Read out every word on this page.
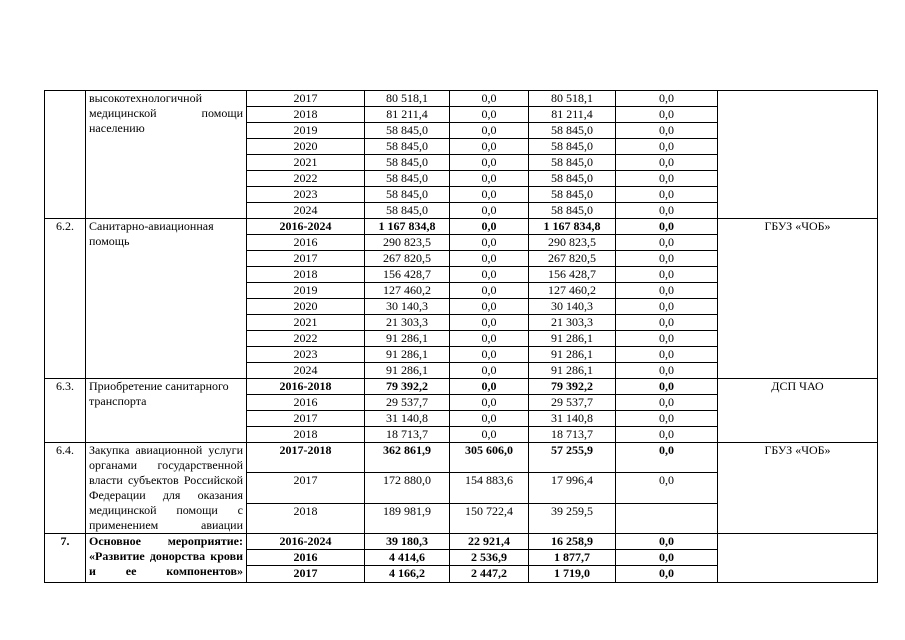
	высокотехнологичной медицинской помощи населению	2017	80 518,1	0,0	80 518,1	0,0	
		2018	81 211,4	0,0	81 211,4	0,0	
		2019	58 845,0	0,0	58 845,0	0,0	
		2020	58 845,0	0,0	58 845,0	0,0	
		2021	58 845,0	0,0	58 845,0	0,0	
		2022	58 845,0	0,0	58 845,0	0,0	
		2023	58 845,0	0,0	58 845,0	0,0	
		2024	58 845,0	0,0	58 845,0	0,0	
6.2.	Санитарно-авиационная помощь	2016-2024	1 167 834,8	0,0	1 167 834,8	0,0	ГБУЗ «ЧОБ»
		2016	290 823,5	0,0	290 823,5	0,0	
		2017	267 820,5	0,0	267 820,5	0,0	
		2018	156 428,7	0,0	156 428,7	0,0	
		2019	127 460,2	0,0	127 460,2	0,0	
		2020	30 140,3	0,0	30 140,3	0,0	
		2021	21 303,3	0,0	21 303,3	0,0	
		2022	91 286,1	0,0	91 286,1	0,0	
		2023	91 286,1	0,0	91 286,1	0,0	
		2024	91 286,1	0,0	91 286,1	0,0	
6.3.	Приобретение санитарного транспорта	2016-2018	79 392,2	0,0	79 392,2	0,0	ДСП ЧАО
		2016	29 537,7	0,0	29 537,7	0,0	
		2017	31 140,8	0,0	31 140,8	0,0	
		2018	18 713,7	0,0	18 713,7	0,0	
6.4.	Закупка авиационной услуги органами государственной власти субъектов Российской Федерации для оказания медицинской помощи с применением авиации	2017-2018	362 861,9	305 606,0	57 255,9	0,0	ГБУЗ «ЧОБ»
		2017	172 880,0	154 883,6	17 996,4	0,0	
		2018	189 981,9	150 722,4	39 259,5		
7.	Основное мероприятие: «Развитие донорства крови и ее компонентов»	2016-2024	39 180,3	22 921,4	16 258,9	0,0	
		2016	4 414,6	2 536,9	1 877,7	0,0	
		2017	4 166,2	2 447,2	1 719,0	0,0	
